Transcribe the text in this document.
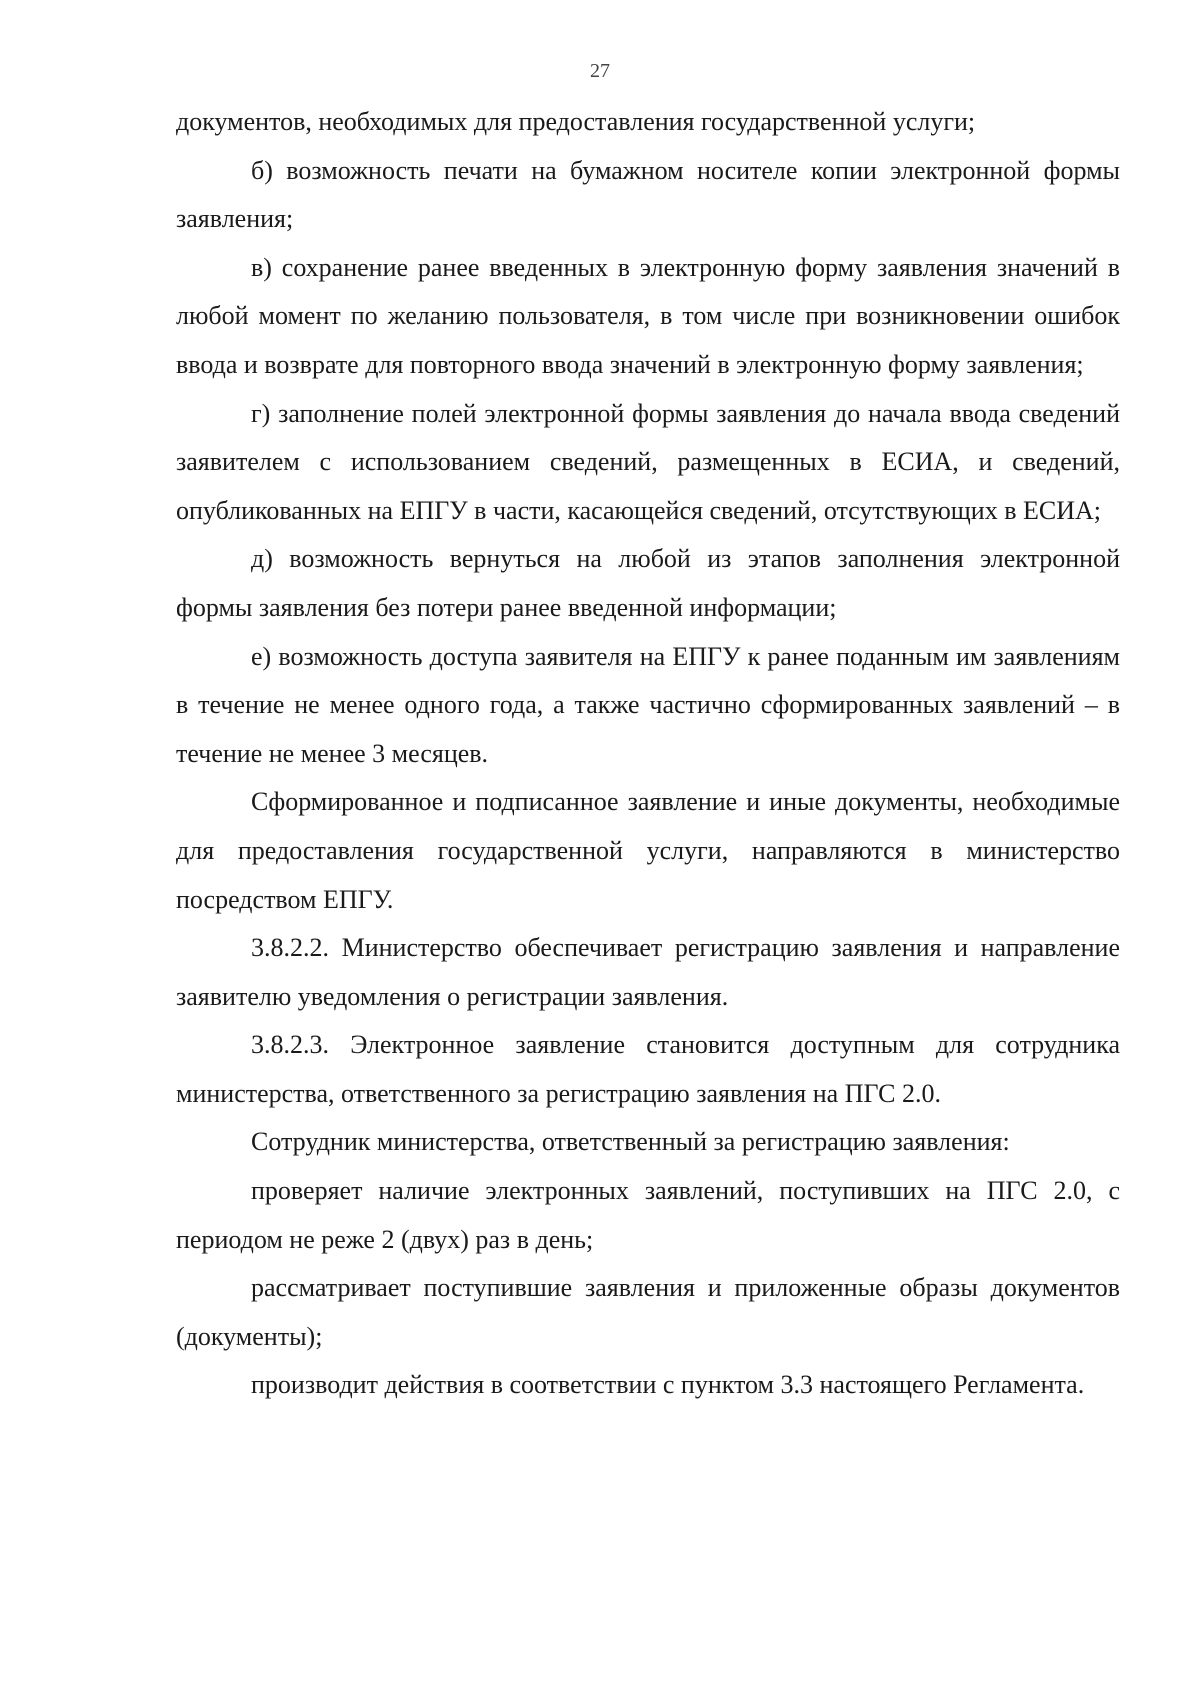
27

документов, необходимых для предоставления государственной услуги;

б) возможность печати на бумажном носителе копии электронной формы заявления;

в) сохранение ранее введенных в электронную форму заявления значений в любой момент по желанию пользователя, в том числе при возникновении ошибок ввода и возврате для повторного ввода значений в электронную форму заявления;

г) заполнение полей электронной формы заявления до начала ввода сведений заявителем с использованием сведений, размещенных в ЕСИА, и сведений, опубликованных на ЕПГУ в части, касающейся сведений, отсутствующих в ЕСИА;

д) возможность вернуться на любой из этапов заполнения электронной формы заявления без потери ранее введенной информации;

е) возможность доступа заявителя на ЕПГУ к ранее поданным им заявлениям в течение не менее одного года, а также частично сформированных заявлений – в течение не менее 3 месяцев.

Сформированное и подписанное заявление и иные документы, необходимые для предоставления государственной услуги, направляются в министерство посредством ЕПГУ.

3.8.2.2. Министерство обеспечивает регистрацию заявления и направление заявителю уведомления о регистрации заявления.

3.8.2.3. Электронное заявление становится доступным для сотрудника министерства, ответственного за регистрацию заявления на ПГС 2.0.

Сотрудник министерства, ответственный за регистрацию заявления:

проверяет наличие электронных заявлений, поступивших на ПГС 2.0, с периодом не реже 2 (двух) раз в день;

рассматривает поступившие заявления и приложенные образы документов (документы);

производит действия в соответствии с пунктом 3.3 настоящего Регламента.
